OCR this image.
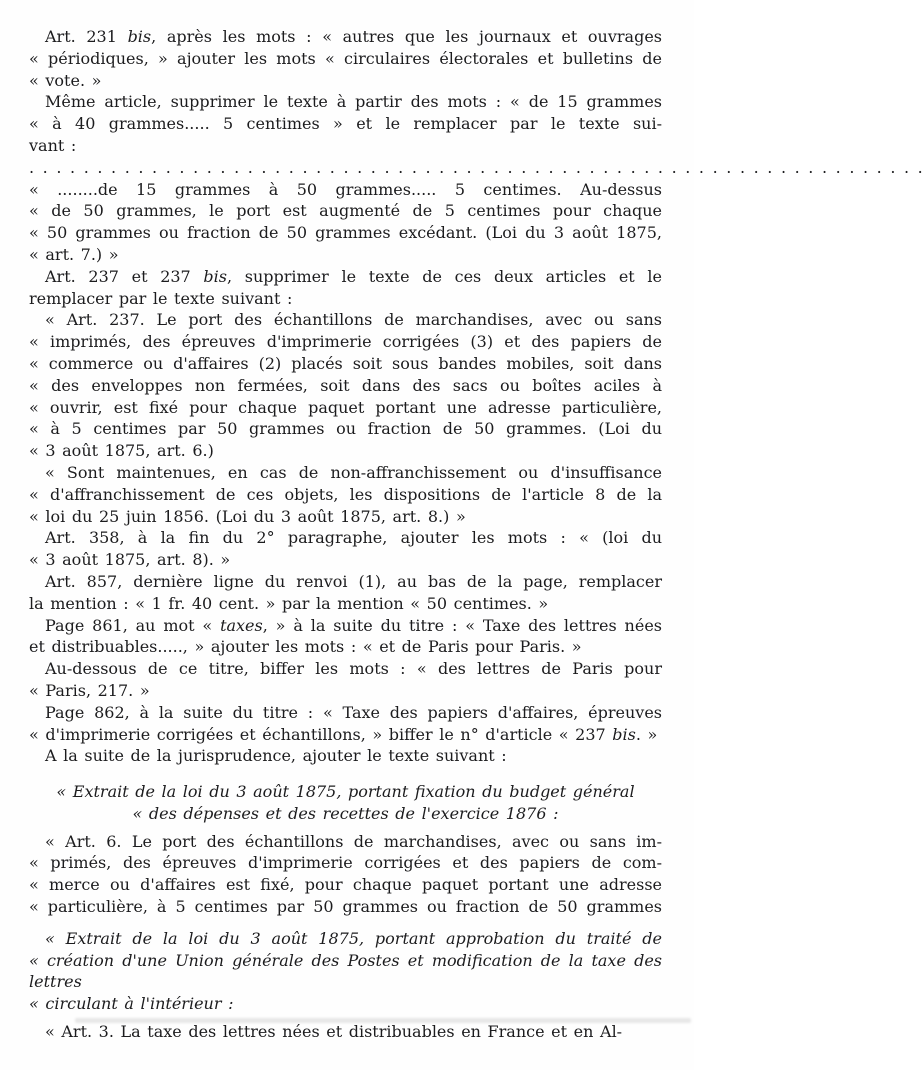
Art. 231 bis, après les mots : « autres que les journaux et ouvrages
« périodiques, » ajouter les mots « circulaires électorales et bulletins de
« vote. »
Même article, supprimer le texte à partir des mots : « de 15 grammes
« à 40 grammes..... 5 centimes » et le remplacer par le texte sui-
vant :
. . . . . . . . . . . . . . . . . . . . . . . . . . . . . . . . . . . . . . . . . . . . . . . . . . . . . . . . . . . . . . . . . .
« ........de 15 grammes à 50 grammes..... 5 centimes. Au-dessus
« de 50 grammes, le port est augmenté de 5 centimes pour chaque
« 50 grammes ou fraction de 50 grammes excédant. (Loi du 3 août 1875,
« art. 7.) »
Art. 237 et 237 bis, supprimer le texte de ces deux articles et le
remplacer par le texte suivant :
« Art. 237. Le port des échantillons de marchandises, avec ou sans
« imprimés, des épreuves d'imprimerie corrigées (3) et des papiers de
« commerce ou d'affaires (2) placés soit sous bandes mobiles, soit dans
« des enveloppes non fermées, soit dans des sacs ou boîtes aciles à
« ouvrir, est fixé pour chaque paquet portant une adresse particulière,
« à 5 centimes par 50 grammes ou fraction de 50 grammes. (Loi du
« 3 août 1875, art. 6.)
« Sont maintenues, en cas de non-affranchissement ou d'insuffisance
« d'affranchissement de ces objets, les dispositions de l'article 8 de la
« loi du 25 juin 1856. (Loi du 3 août 1875, art. 8.) »
Art. 358, à la fin du 2° paragraphe, ajouter les mots : « (loi du
« 3 août 1875, art. 8). »
Art. 857, dernière ligne du renvoi (1), au bas de la page, remplacer
la mention : « 1 fr. 40 cent. » par la mention « 50 centimes. »
Page 861, au mot « taxes, » à la suite du titre : « Taxe des lettres nées
et distribuables....., » ajouter les mots : « et de Paris pour Paris. »
Au-dessous de ce titre, biffer les mots : « des lettres de Paris pour
« Paris, 217. »
Page 862, à la suite du titre : « Taxe des papiers d'affaires, épreuves
« d'imprimerie corrigées et échantillons, » biffer le n° d'article « 237 bis. »
A la suite de la jurisprudence, ajouter le texte suivant :
« Extrait de la loi du 3 août 1875, portant fixation du budget général
« des dépenses et des recettes de l'exercice 1876 :
« Art. 6. Le port des échantillons de marchandises, avec ou sans im-
« primés, des épreuves d'imprimerie corrigées et des papiers de com-
« merce ou d'affaires est fixé, pour chaque paquet portant une adresse
« particulière, à 5 centimes par 50 grammes ou fraction de 50 grammes
« Extrait de la loi du 3 août 1875, portant approbation du traité de
« création d'une Union générale des Postes et modification de la taxe des lettres
« circulant à l'intérieur :
« Art. 3. La taxe des lettres nées et distribuables en France et en Al-
